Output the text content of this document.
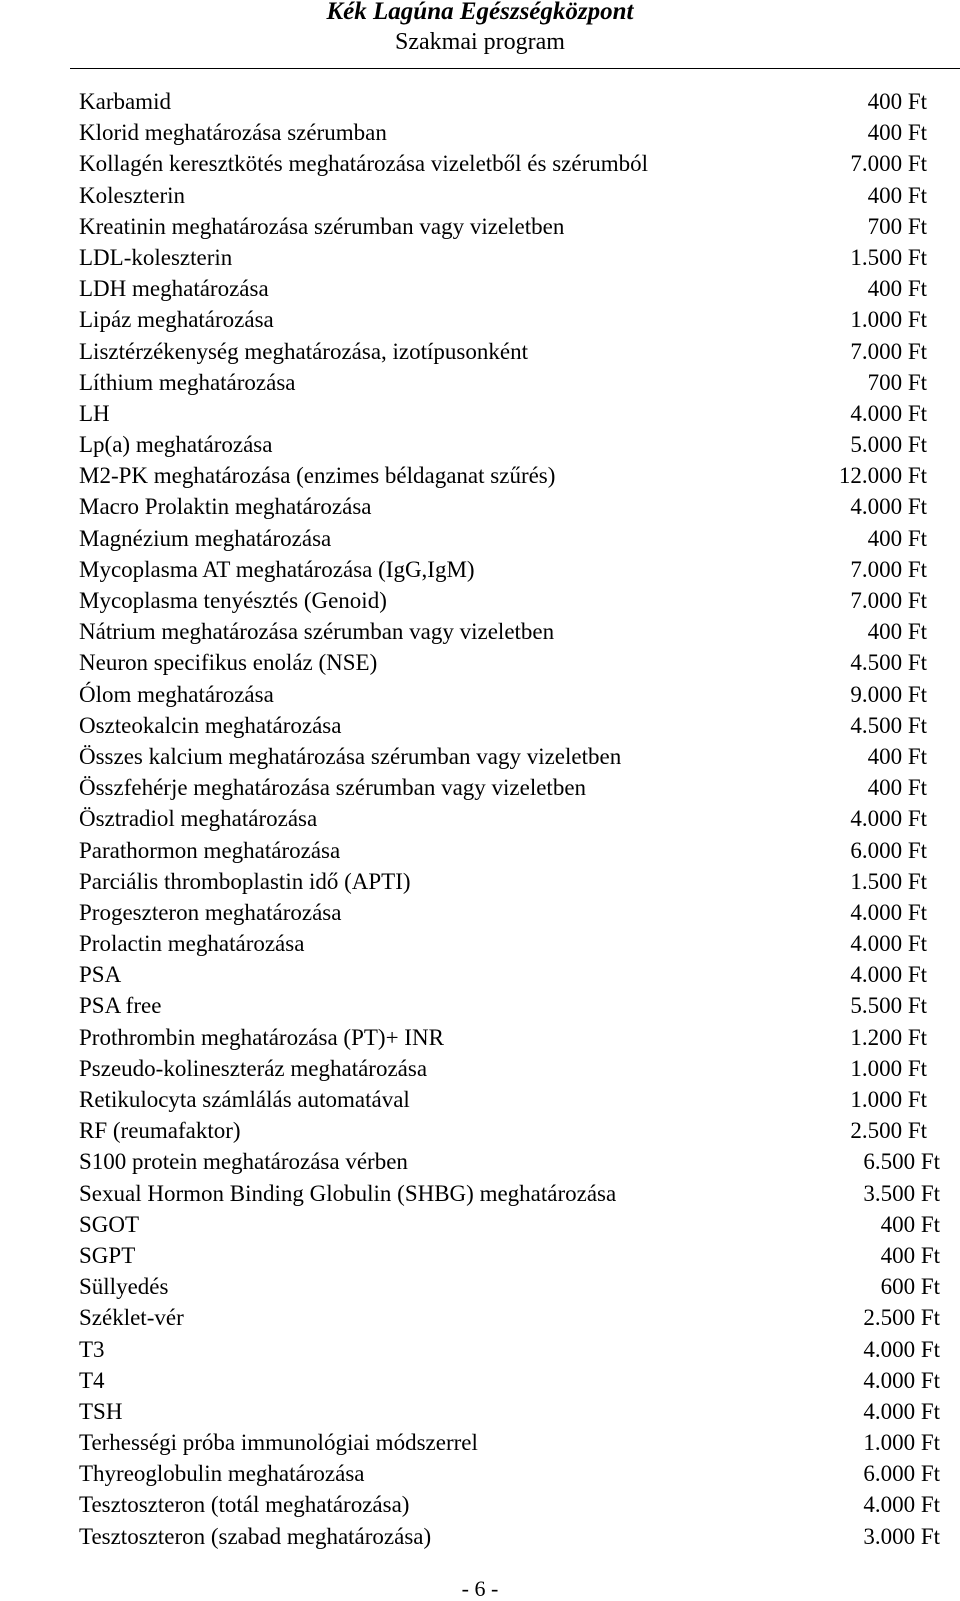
Kék Lagúna Egészségközpont
Szakmai program
Karbamid	400 Ft
Klorid meghatározása szérumban	400 Ft
Kollagén keresztkötés meghatározása vizeletből és szérumból	7.000 Ft
Koleszterin	400 Ft
Kreatinin meghatározása szérumban vagy vizeletben	700 Ft
LDL-koleszterin	1.500 Ft
LDH meghatározása	400 Ft
Lipáz meghatározása	1.000 Ft
Lisztérzékenység meghatározása, izotípusonként	7.000 Ft
Líthium meghatározása	700 Ft
LH	4.000 Ft
Lp(a) meghatározása	5.000 Ft
M2-PK meghatározása (enzimes béldaganat szűrés)	12.000 Ft
Macro Prolaktin meghatározása	4.000 Ft
Magnézium meghatározása	400 Ft
Mycoplasma AT meghatározása (IgG,IgM)	7.000 Ft
Mycoplasma tenyésztés (Genoid)	7.000 Ft
Nátrium meghatározása szérumban vagy vizeletben	400 Ft
Neuron specifikus enoláz (NSE)	4.500 Ft
Ólom meghatározása	9.000 Ft
Oszteokalcin meghatározása	4.500 Ft
Összes kalcium meghatározása szérumban vagy vizeletben	400 Ft
Összfehérje meghatározása szérumban vagy vizeletben	400 Ft
Ösztradiol meghatározása	4.000 Ft
Parathormon meghatározása	6.000 Ft
Parciális thromboplastin idő (APTI)	1.500 Ft
Progeszteron meghatározása	4.000 Ft
Prolactin meghatározása	4.000 Ft
PSA	4.000 Ft
PSA free	5.500 Ft
Prothrombin meghatározása (PT)+ INR	1.200 Ft
Pszeudo-kolineszteráz meghatározása	1.000 Ft
Retikulocyta számlálás automatával	1.000 Ft
RF (reumafaktor)	2.500 Ft
S100 protein meghatározása vérben	6.500 Ft
Sexual Hormon Binding Globulin (SHBG) meghatározása	3.500 Ft
SGOT	400 Ft
SGPT	400 Ft
Süllyedés	600 Ft
Széklet-vér	2.500 Ft
T3	4.000 Ft
T4	4.000 Ft
TSH	4.000 Ft
Terhességi próba immunológiai módszerrel	1.000 Ft
Thyreoglobulin meghatározása	6.000 Ft
Tesztoszteron (totál meghatározása)	4.000 Ft
Tesztoszteron (szabad meghatározása)	3.000 Ft
- 6 -
